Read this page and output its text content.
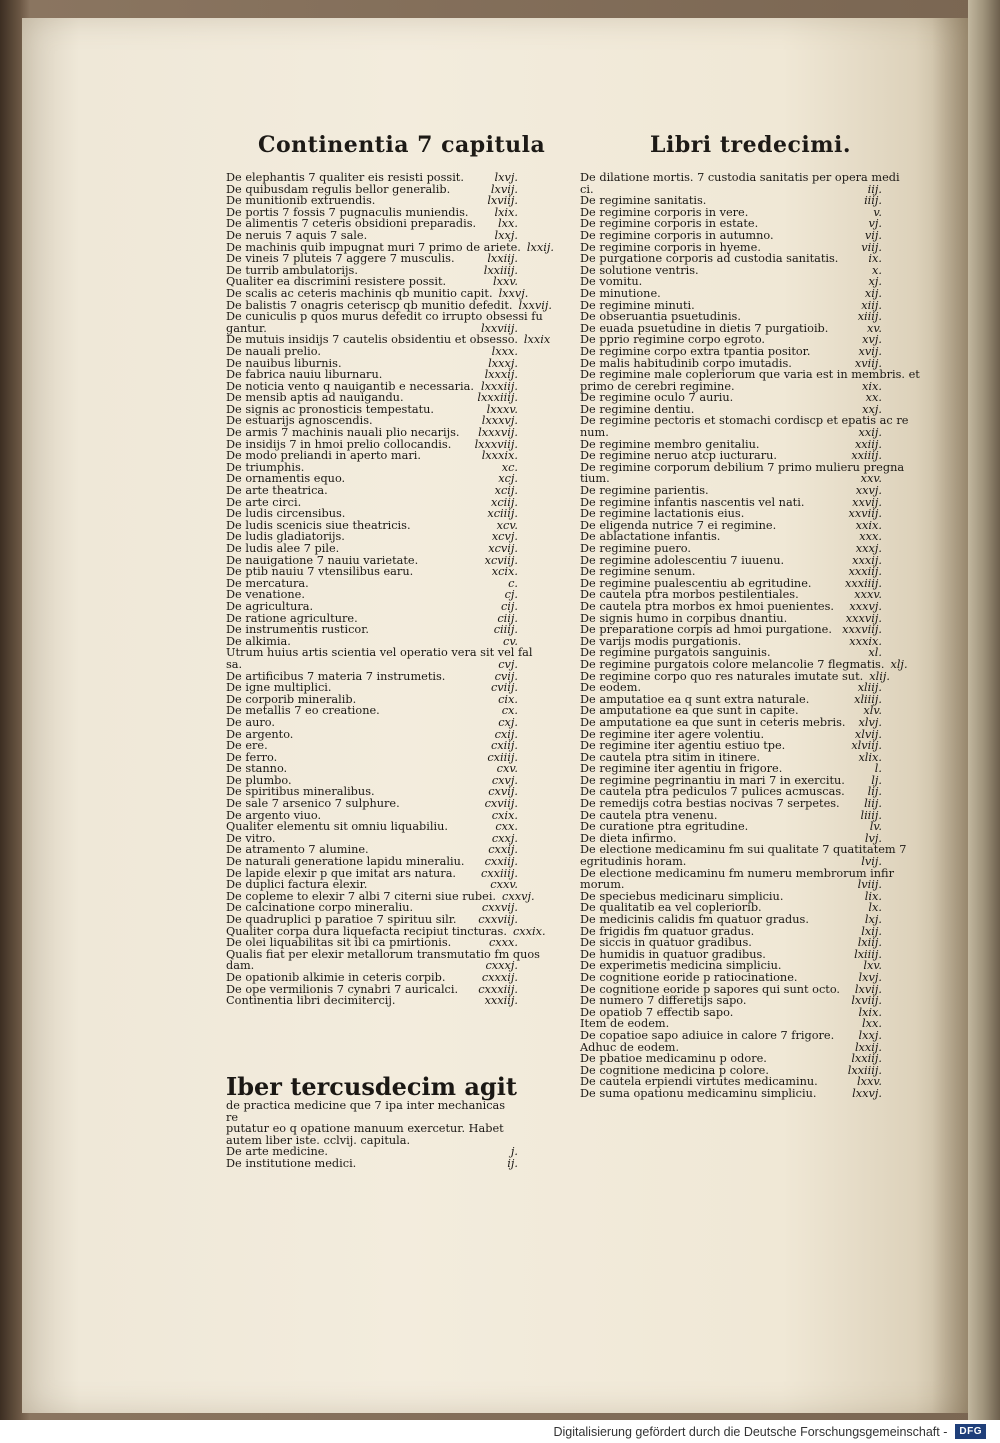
Continentia 7 capitula	Libri tredecimi.
De elephantis 7 qualiter eis resisti possit.	lxvj.
De quibusdam regulis bellor generalib.	lxvij.
De munitionib extruendis.	lxviij.
De portis 7 fossis 7 pugnaculis muniendis.	lxix.
De alimentis 7 ceteris obsidioni preparadis.	lxx.
De neruis 7 aquis 7 sale.	lxxj.
De machinis quib impugnat muri 7 primo de ariete. lxxij.
De vineis 7 pluteis 7 aggere 7 musculis.	lxxiij.
De turrib ambulatorijs.	lxxiiij.
Qualiter ea discrimini resistere possit.	lxxv.
De scalis ac ceteris machinis qb munitio capit. lxxvj.
De balistis 7 onagris ceteriscp qb munitio defedit. lxxvij.
De cuniculis p quos murus defedit co irrupto obsessi fu
gantur.	lxxviij.
De mutuis insidijs 7 cautelis obsidentiu et obsesso. lxxix
De nauali prelio.	lxxx.
De nauibus liburnis.	lxxxj.
De fabrica nauiu liburnaru.	lxxxij.
De noticia vento q nauigantib e necessaria. lxxxiij.
De mensib aptis ad nauigandu.	lxxxiiij.
De signis ac pronosticis tempestatu.	lxxxv.
De estuarijs agnoscendis.	lxxxvj.
De armis 7 machinis nauali plio necarijs.	lxxxvij.
De insidijs 7 in hmoi prelio collocandis.	lxxxviij.
De modo preliandi in aperto mari.	lxxxix.
De triumphis.	xc.
De ornamentis equo.	xcj.
De arte theatrica.	xcij.
De arte circi.	xciij.
De ludis circensibus.	xciiij.
De ludis scenicis siue theatricis.	xcv.
De ludis gladiatorijs.	xcvj.
De ludis alee 7 pile.	xcvij.
De nauigatione 7 nauiu varietate.	xcviij.
De ptib nauiu 7 vtensilibus earu.	xcix.
De mercatura.	c.
De venatione.	cj.
De agricultura.	cij.
De ratione agriculture.	ciij.
De instrumentis rusticor.	ciiij.
De alkimia.	cv.
Utrum huius artis scientia vel operatio vera sit vel fal
sa.	cvj.
De artificibus 7 materia 7 instrumetis.	cvij.
De igne multiplici.	cviij.
De corporib mineralib.	cix.
De metallis 7 eo creatione.	cx.
De auro.	cxj.
De argento.	cxij.
De ere.	cxiij.
De ferro.	cxiiij.
De stanno.	cxv.
De plumbo.	cxvj.
De spiritibus mineralibus.	cxvij.
De sale 7 arsenico 7 sulphure.	cxviij.
De argento viuo.	cxix.
Qualiter elementu sit omniu liquabiliu.	cxx.
De vitro.	cxxj.
De atramento 7 alumine.	cxxij.
De naturali generatione lapidu mineraliu.	cxxiij.
De lapide elexir p que imitat ars natura.	cxxiiij.
De duplici factura elexir.	cxxv.
De copleme to elexir 7 albi 7 citerni siue rubei. cxxvj.
De calcinatione corpo mineraliu.	cxxvij.
De quadruplici p paratioe 7 spirituu silr.	cxxviij.
Qualiter corpa dura liquefacta recipiut tincturas. cxxix.
De olei liquabilitas sit ibi ca pmirtionis.	cxxx.
Qualis fiat per elexir metallorum transmutatio fm quos
dam.	cxxxj.
De opationib alkimie in ceteris corpib.	cxxxij.
De ope vermilionis 7 cynabri 7 auricalci.	cxxxiij.
Continentia libri decimitercij.	xxxiij.
Iber tercusdecim agit
de practica medicine que 7 ipa inter mechanicas re
putatur eo q opatione manuum exercetur. Habet
autem liber iste. cclvij. capitula.
De arte medicine.	j.
De institutione medici.	ij.
De dilatione mortis. 7 custodia sanitatis per opera medi
ci.	iij.
De regimine sanitatis.	iiij.
De regimine corporis in vere.	v.
De regimine corporis in estate.	vj.
De regimine corporis in autumno.	vij.
De regimine corporis in hyeme.	viij.
De purgatione corporis ad custodia sanitatis.	ix.
De solutione ventris.	x.
De vomitu.	xj.
De minutione.	xij.
De regimine minuti.	xiij.
De obseruantia psuetudinis.	xiiij.
De euada psuetudine in dietis 7 purgatioib.	xv.
De pprio regimine corpo egroto.	xvj.
De regimine corpo extra tpantia positor.	xvij.
De malis habitudinib corpo imutadis.	xviij.
De regimine male copleriorum que varia est in membris. et
primo de cerebri regimine.	xix.
De regimine oculo 7 auriu.	xx.
De regimine dentiu.	xxj.
De regimine pectoris et stomachi cordiscp et epatis ac re
num.	xxij.
De regimine membro genitaliu.	xxiij.
De regimine neruo atcp iucturaru.	xxiiij.
De regimine corporum debilium 7 primo mulieru pregna
tium.	xxv.
De regimine parientis.	xxvj.
De regimine infantis nascentis vel nati.	xxvij.
De regimine lactationis eius.	xxviij.
De eligenda nutrice 7 ei regimine.	xxix.
De ablactatione infantis.	xxx.
De regimine puero.	xxxj.
De regimine adolescentiu 7 iuuenu.	xxxij.
De regimine senum.	xxxiij.
De regimine pualescentiu ab egritudine.	xxxiiij.
De cautela ptra morbos pestilentiales.	xxxv.
De cautela ptra morbos ex hmoi puenientes.	xxxvj.
De signis humo in corpibus dnantiu.	xxxvij.
De preparatione corpis ad hmoi purgatione. xxxviij.
De varijs modis purgationis.	xxxix.
De regimine purgatois sanguinis.	xl.
De regimine purgatois colore melancolie 7 flegmatis. xlj.
De regimine corpo quo res naturales imutate sut. xlij.
De eodem.	xliij.
De amputatioe ea q sunt extra naturale.	xliiij.
De amputatione ea que sunt in capite.	xlv.
De amputatione ea que sunt in ceteris mebris.	xlvj.
De regimine iter agere volentiu.	xlvij.
De regimine iter agentiu estiuo tpe.	xlviij.
De cautela ptra sitim in itinere.	xlix.
De regimine iter agentiu in frigore.	l.
De regimine pegrinantiu in mari 7 in exercitu.	lj.
De cautela ptra pediculos 7 pulices acmuscas.	lij.
De remedijs cotra bestias nocivas 7 serpetes.	liij.
De cautela ptra venenu.	liiij.
De curatione ptra egritudine.	lv.
De dieta infirmo.	lvj.
De electione medicaminu fm sui qualitate 7 quatitatem 7
egritudinis horam.	lvij.
De electione medicaminu fm numeru membrorum infir
morum.	lviij.
De speciebus medicinaru simpliciu.	lix.
De qualitatib ea vel copleriorib.	lx.
De medicinis calidis fm quatuor gradus.	lxj.
De frigidis fm quatuor gradus.	lxij.
De siccis in quatuor gradibus.	lxiij.
De humidis in quatuor gradibus.	lxiiij.
De experimetis medicina simpliciu.	lxv.
De cognitione eoride p ratiocinatione.	lxvj.
De cognitione eoride p sapores qui sunt octo.	lxvij.
De numero 7 differetijs sapo.	lxviij.
De opatiob 7 effectib sapo.	lxix.
Item de eodem.	lxx.
De copatioe sapo adiuice in calore 7 frigore.	lxxj.
Adhuc de eodem.	lxxij.
De pbatioe medicaminu p odore.	lxxiij.
De cognitione medicina p colore.	lxxiiij.
De cautela erpiendi virtutes medicaminu.	lxxv.
De suma opationu medicaminu simpliciu.	lxxvj.
Digitalisierung gefördert durch die Deutsche Forschungsgemeinschaft -	DFG
